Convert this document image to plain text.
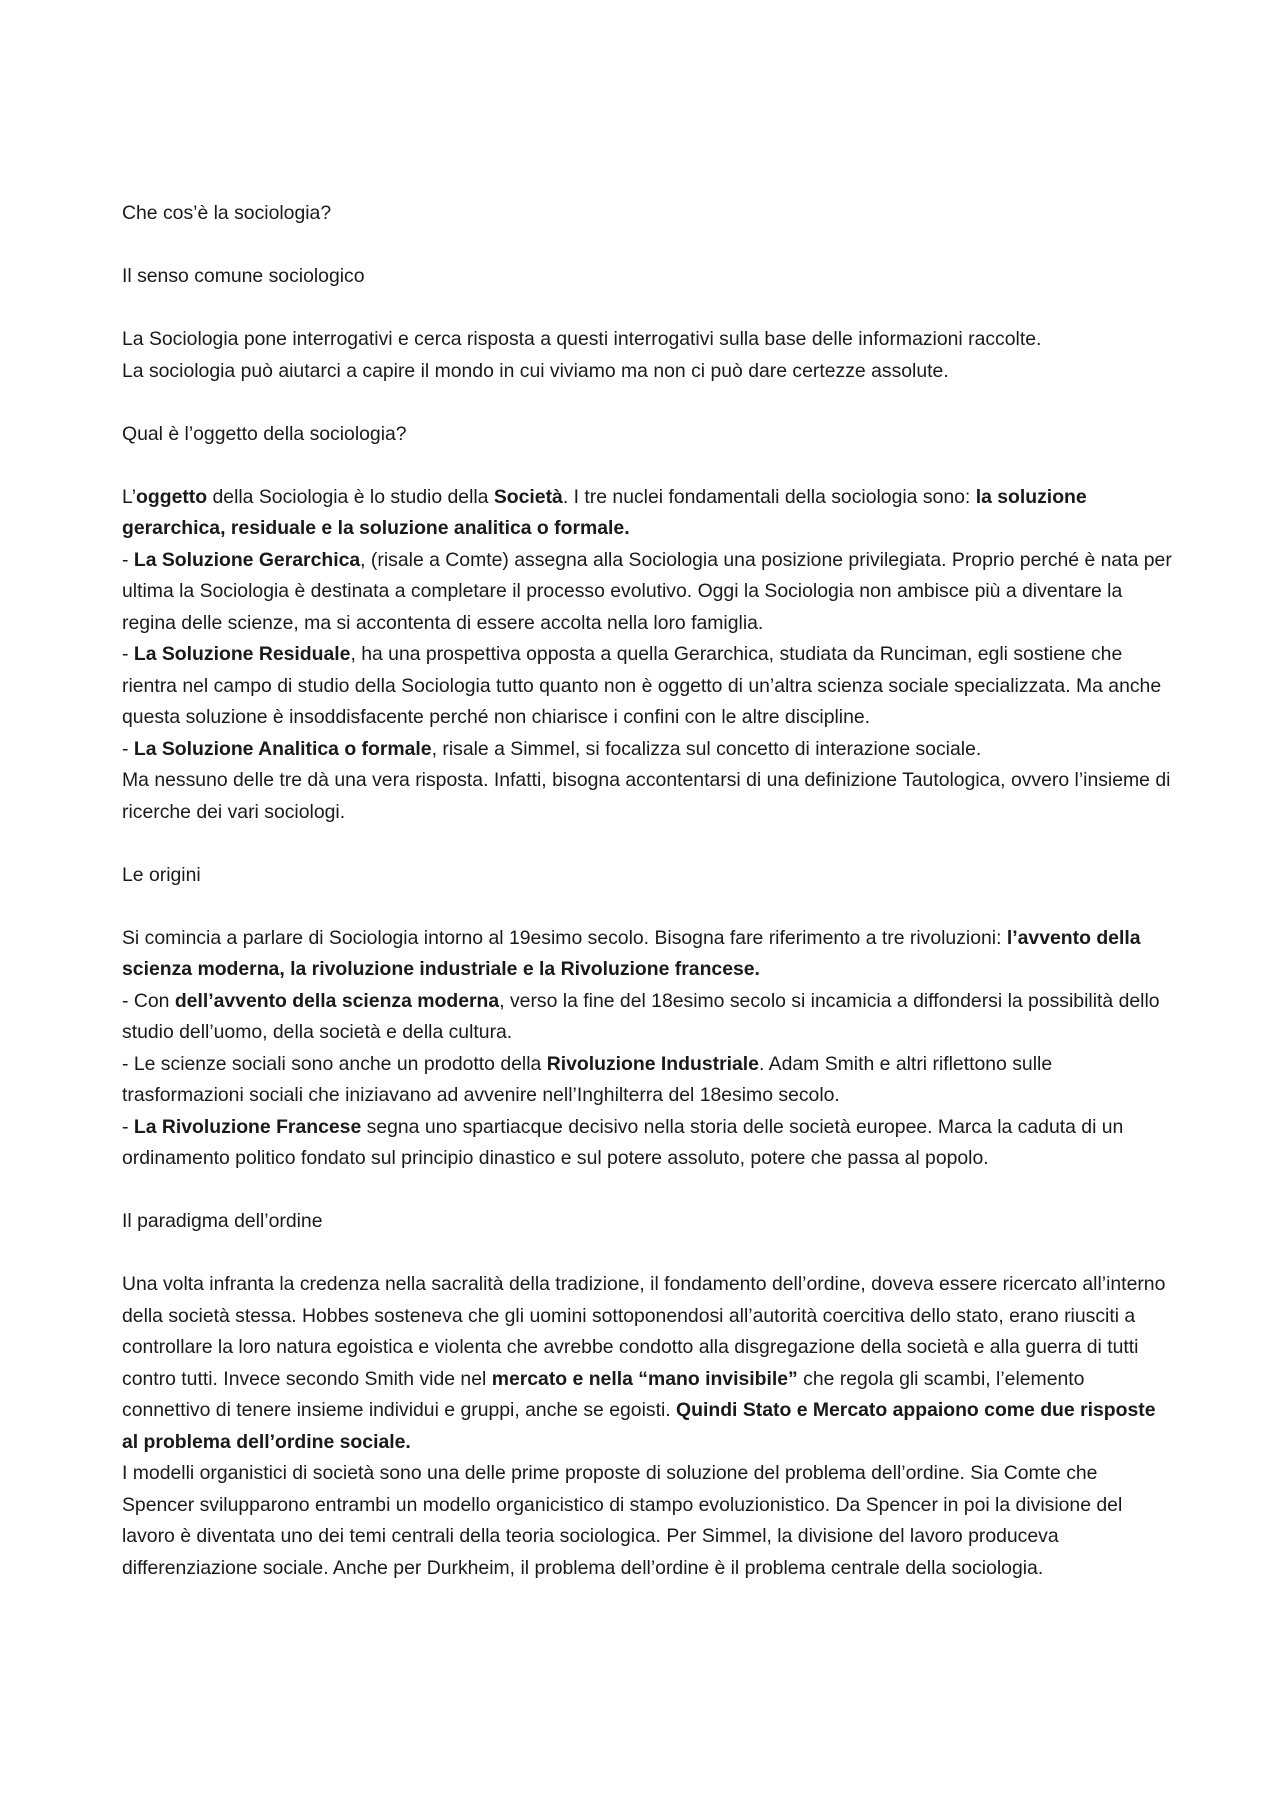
Che cos’è la sociologia?

Il senso comune sociologico

La Sociologia pone interrogativi e cerca risposta a questi interrogativi sulla base delle informazioni raccolte.

La sociologia può aiutarci a capire il mondo in cui viviamo ma non ci può dare certezze assolute.

Qual è l’oggetto della sociologia?

L’oggetto della Sociologia è lo studio della Società. I tre nuclei fondamentali della sociologia sono: la soluzione gerarchica, residuale e la soluzione analitica o formale.

- La Soluzione Gerarchica, (risale a Comte) assegna alla Sociologia una posizione privilegiata. Proprio perché è nata per ultima la Sociologia è destinata a completare il processo evolutivo. Oggi la Sociologia non ambisce più a diventare la regina delle scienze, ma si accontenta di essere accolta nella loro famiglia.

- La Soluzione Residuale, ha una prospettiva opposta a quella Gerarchica, studiata da Runciman, egli sostiene che rientra nel campo di studio della Sociologia tutto quanto non è oggetto di un’altra scienza sociale specializzata. Ma anche questa soluzione è insoddisfacente perché non chiarisce i confini con le altre discipline.

- La Soluzione Analitica o formale, risale a Simmel, si focalizza sul concetto di interazione sociale.

Ma nessuno delle tre dà una vera risposta. Infatti, bisogna accontentarsi di una definizione Tautologica, ovvero l’insieme di ricerche dei vari sociologi.

Le origini

Si comincia a parlare di Sociologia intorno al 19esimo secolo. Bisogna fare riferimento a tre rivoluzioni: l’avvento della scienza moderna, la rivoluzione industriale e la Rivoluzione francese.

- Con dell’avvento della scienza moderna, verso la fine del 18esimo secolo si incamicia a diffondersi la possibilità dello studio dell’uomo, della società e della cultura.

- Le scienze sociali sono anche un prodotto della Rivoluzione Industriale. Adam Smith e altri riflettono sulle trasformazioni sociali che iniziavano ad avvenire nell’Inghilterra del 18esimo secolo.

- La Rivoluzione Francese segna uno spartiacque decisivo nella storia delle società europee. Marca la caduta di un ordinamento politico fondato sul principio dinastico e sul potere assoluto, potere che passa al popolo.

Il paradigma dell’ordine

Una volta infranta la credenza nella sacralità della tradizione, il fondamento dell’ordine, doveva essere ricercato all’interno della società stessa. Hobbes sosteneva che gli uomini sottoponendosi all’autorità coercitiva dello stato, erano riusciti a controllare la loro natura egoistica e violenta che avrebbe condotto alla disgregazione della società e alla guerra di tutti contro tutti. Invece secondo Smith vide nel mercato e nella “mano invisibile” che regola gli scambi, l’elemento connettivo di tenere insieme individui e gruppi, anche se egoisti. Quindi Stato e Mercato appaiono come due risposte al problema dell’ordine sociale.

I modelli organistici di società sono una delle prime proposte di soluzione del problema dell’ordine. Sia Comte che Spencer svilupparono entrambi un modello organicistico di stampo evoluzionistico. Da Spencer in poi la divisione del lavoro è diventata uno dei temi centrali della teoria sociologica. Per Simmel, la divisione del lavoro produceva differenziazione sociale. Anche per Durkheim, il problema dell’ordine è il problema centrale della sociologia.
